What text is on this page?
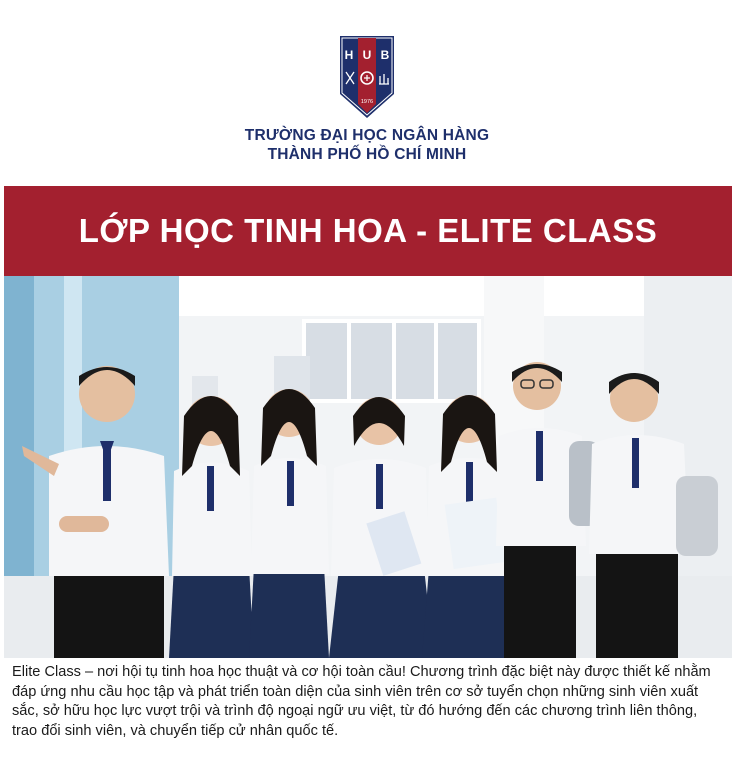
H U B
1976
TRƯỜNG ĐẠI HỌC NGÂN HÀNG
THÀNH PHỐ HỒ CHÍ MINH
LỚP HỌC TINH HOA - ELITE CLASS
Elite Class – nơi hội tụ tinh hoa học thuật và cơ hội toàn cầu! Chương trình đặc biệt này được thiết kế nhằm đáp ứng nhu cầu học tập và phát triển toàn diện của sinh viên trên cơ sở tuyển chọn những sinh viên xuất sắc, sở hữu học lực vượt trội và trình độ ngoại ngữ ưu việt, từ đó hướng đến các chương trình liên thông, trao đổi sinh viên, và chuyển tiếp cử nhân quốc tế.
